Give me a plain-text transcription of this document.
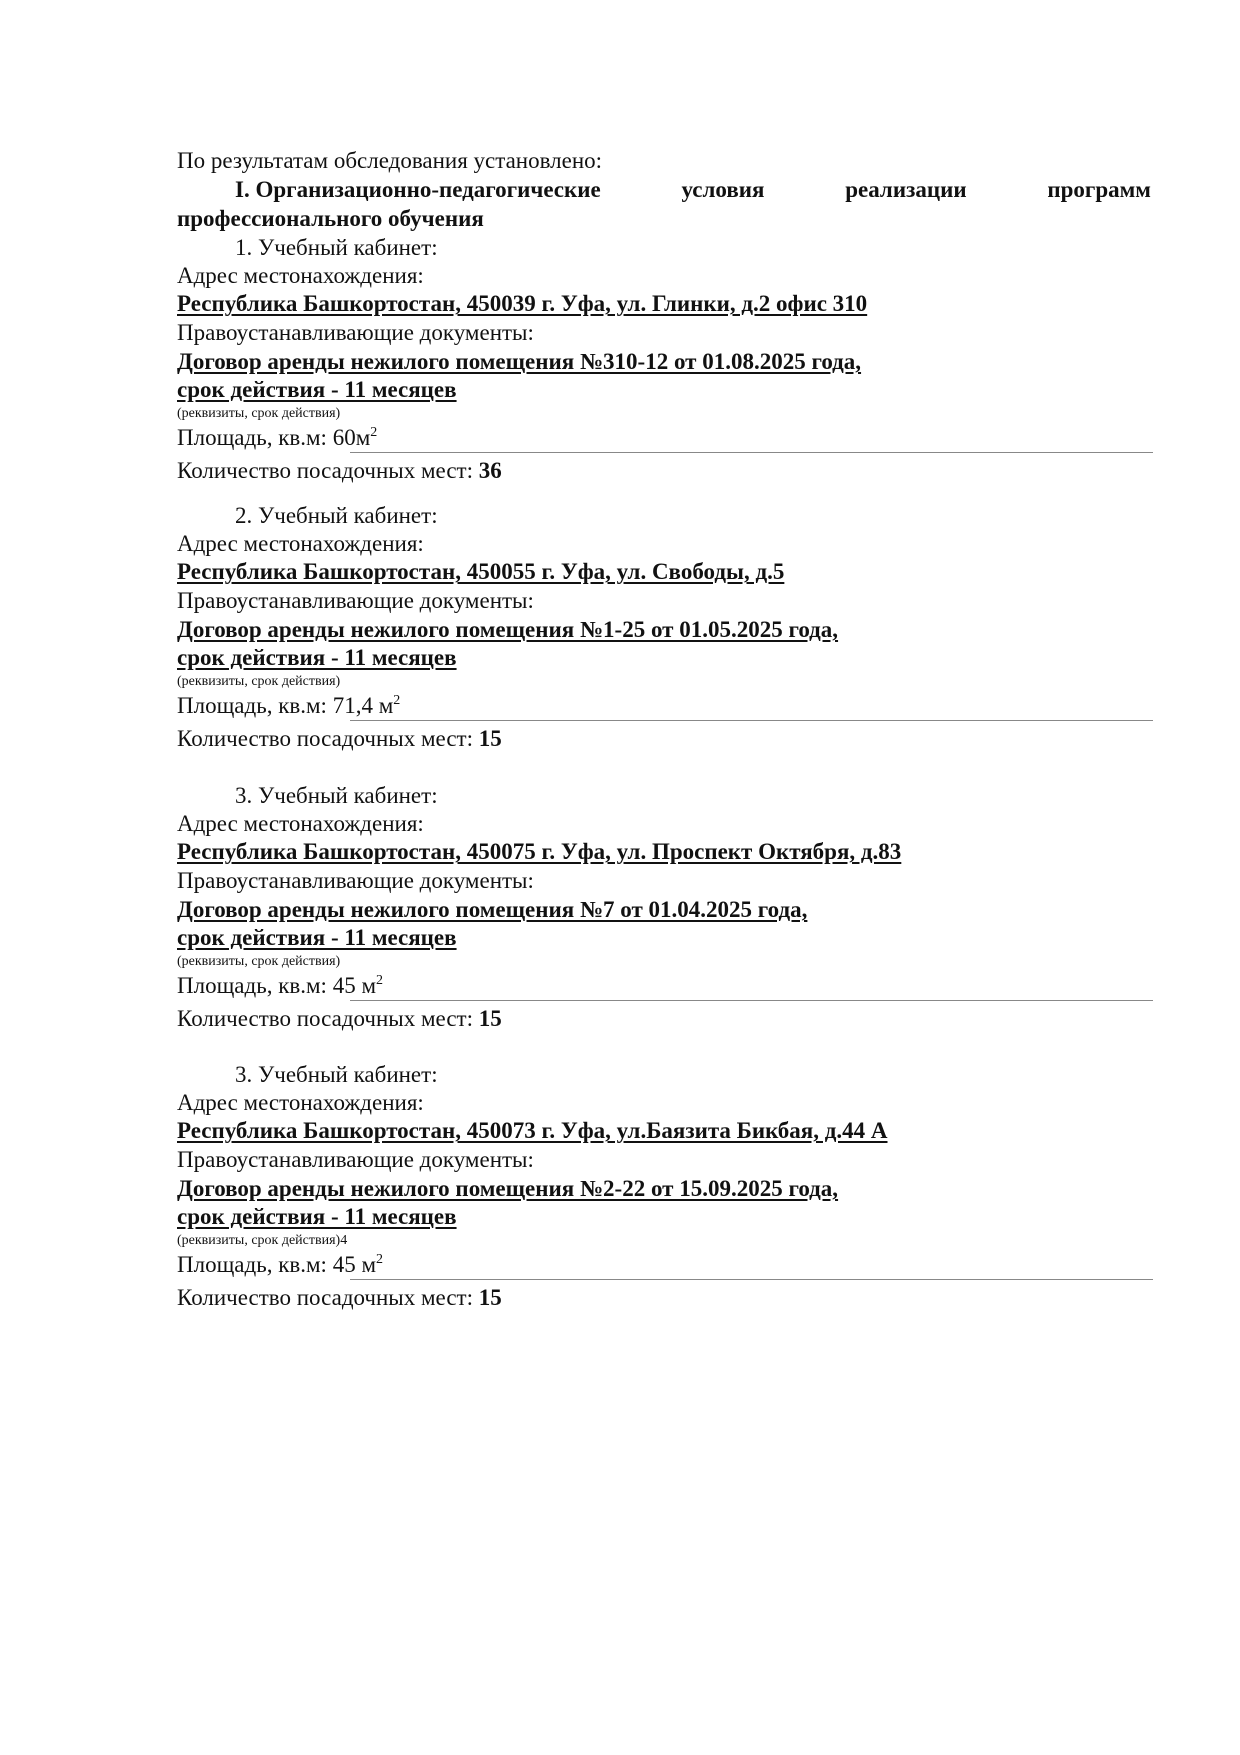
По результатам обследования установлено:
I. Организационно-педагогические	условия	реализации	программ
профессионального обучения
1. Учебный кабинет:
Адрес местонахождения:
Республика Башкортостан, 450039 г. Уфа, ул. Глинки, д.2 офис 310
Правоустанавливающие документы:
Договор аренды нежилого помещения №310-12 от 01.08.2025 года,
срок действия - 11 месяцев
(реквизиты, срок действия)
Площадь, кв.м: $60м^2$
Количество посадочных мест: 36
2. Учебный кабинет:
Адрес местонахождения:
Республика Башкортостан, 450055 г. Уфа, ул. Свободы, д.5
Правоустанавливающие документы:
Договор аренды нежилого помещения №1-25 от 01.05.2025 года,
срок действия - 11 месяцев
(реквизиты, срок действия)
Площадь, кв.м: 71,4 $м^2$
Количество посадочных мест: 15
3. Учебный кабинет:
Адрес местонахождения:
Республика Башкортостан, 450075 г. Уфа, ул. Проспект Октября, д.83
Правоустанавливающие документы:
Договор аренды нежилого помещения №7 от 01.04.2025 года,
срок действия - 11 месяцев
(реквизиты, срок действия)
Площадь, кв.м: 45 $м^2$
Количество посадочных мест: 15
3. Учебный кабинет:
Адрес местонахождения:
Республика Башкортостан, 450073 г. Уфа, ул.Баязита Бикбая, д.44 А
Правоустанавливающие документы:
Договор аренды нежилого помещения №2-22 от 15.09.2025 года,
срок действия - 11 месяцев
(реквизиты, срок действия)4
Площадь, кв.м: 45 $м^2$
Количество посадочных мест: 15
